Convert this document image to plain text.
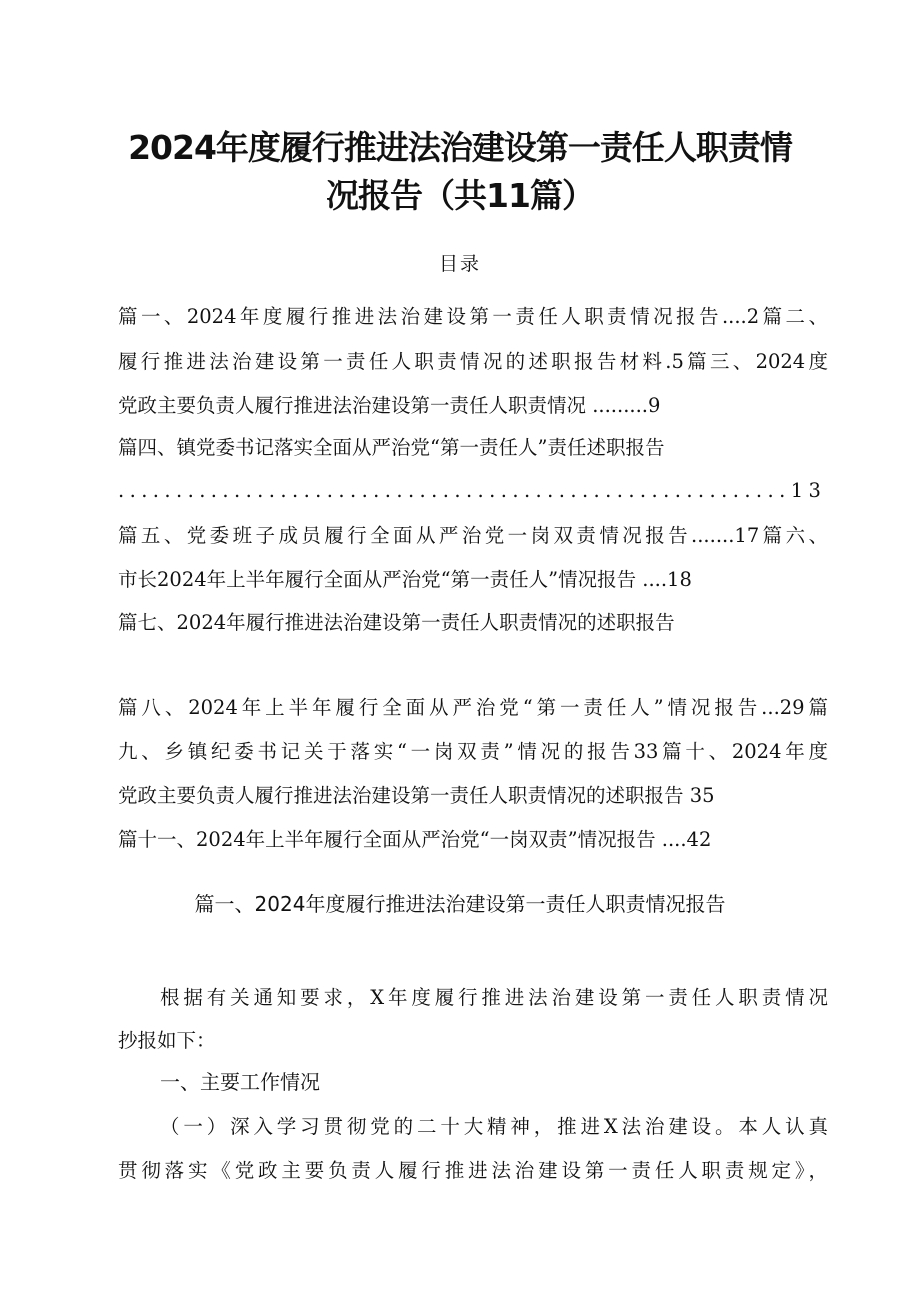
2024年度履行推进法治建设第一责任人职责情
况报告（共11篇）
目录
篇一、2024年度履行推进法治建设第一责任人职责情况报告....2篇二、
履行推进法治建设第一责任人职责情况的述职报告材料.5篇三、2024度
党政主要负责人履行推进法治建设第一责任人职责情况 .........9
篇四、镇党委书记落实全面从严治党“第一责任人”责任述职报告
..........................................................13
篇五、党委班子成员履行全面从严治党一岗双责情况报告.......17篇六、
市长2024年上半年履行全面从严治党“第一责任人”情况报告 ....18
篇七、2024年履行推进法治建设第一责任人职责情况的述职报告
篇八、2024年上半年履行全面从严治党“第一责任人”情况报告...29篇
九、乡镇纪委书记关于落实“一岗双责”情况的报告33篇十、2024年度
党政主要负责人履行推进法治建设第一责任人职责情况的述职报告 35
篇十一、2024年上半年履行全面从严治党“一岗双责”情况报告 ....42
篇一、2024年度履行推进法治建设第一责任人职责情况报告
根据有关通知要求，X年度履行推进法治建设第一责任人职责情况
抄报如下：
一、主要工作情况
（一）深入学习贯彻党的二十大精神，推进X法治建设。本人认真
贯彻落实《党政主要负责人履行推进法治建设第一责任人职责规定》，
